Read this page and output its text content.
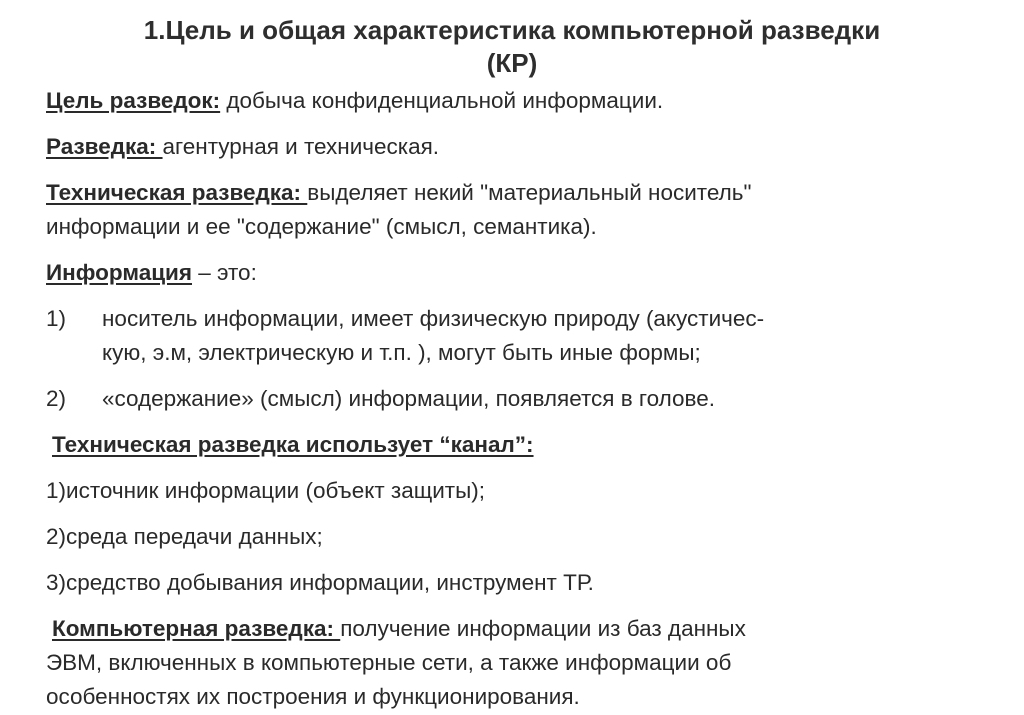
1.Цель и общая характеристика компьютерной разведки
(КР)
Цель разведок: добыча конфиденциальной информации.
Разведка: агентурная и техническая.
Техническая разведка: выделяет некий "материальный носитель"
информации и ее "содержание" (смысл, семантика).
Информация – это:
1) носитель информации, имеет физическую природу (акустичес-
кую, э.м, электрическую и т.п. ), могут быть иные формы;
2) «содержание» (смысл) информации, появляется в голове.
Техническая разведка использует “канал”:
1)источник информации (объект защиты);
2)среда передачи данных;
3)средство добывания информации, инструмент ТР.
Компьютерная разведка: получение информации из баз данных
ЭВМ, включенных в компьютерные сети, а также информации об
особенностях их построения и функционирования.
